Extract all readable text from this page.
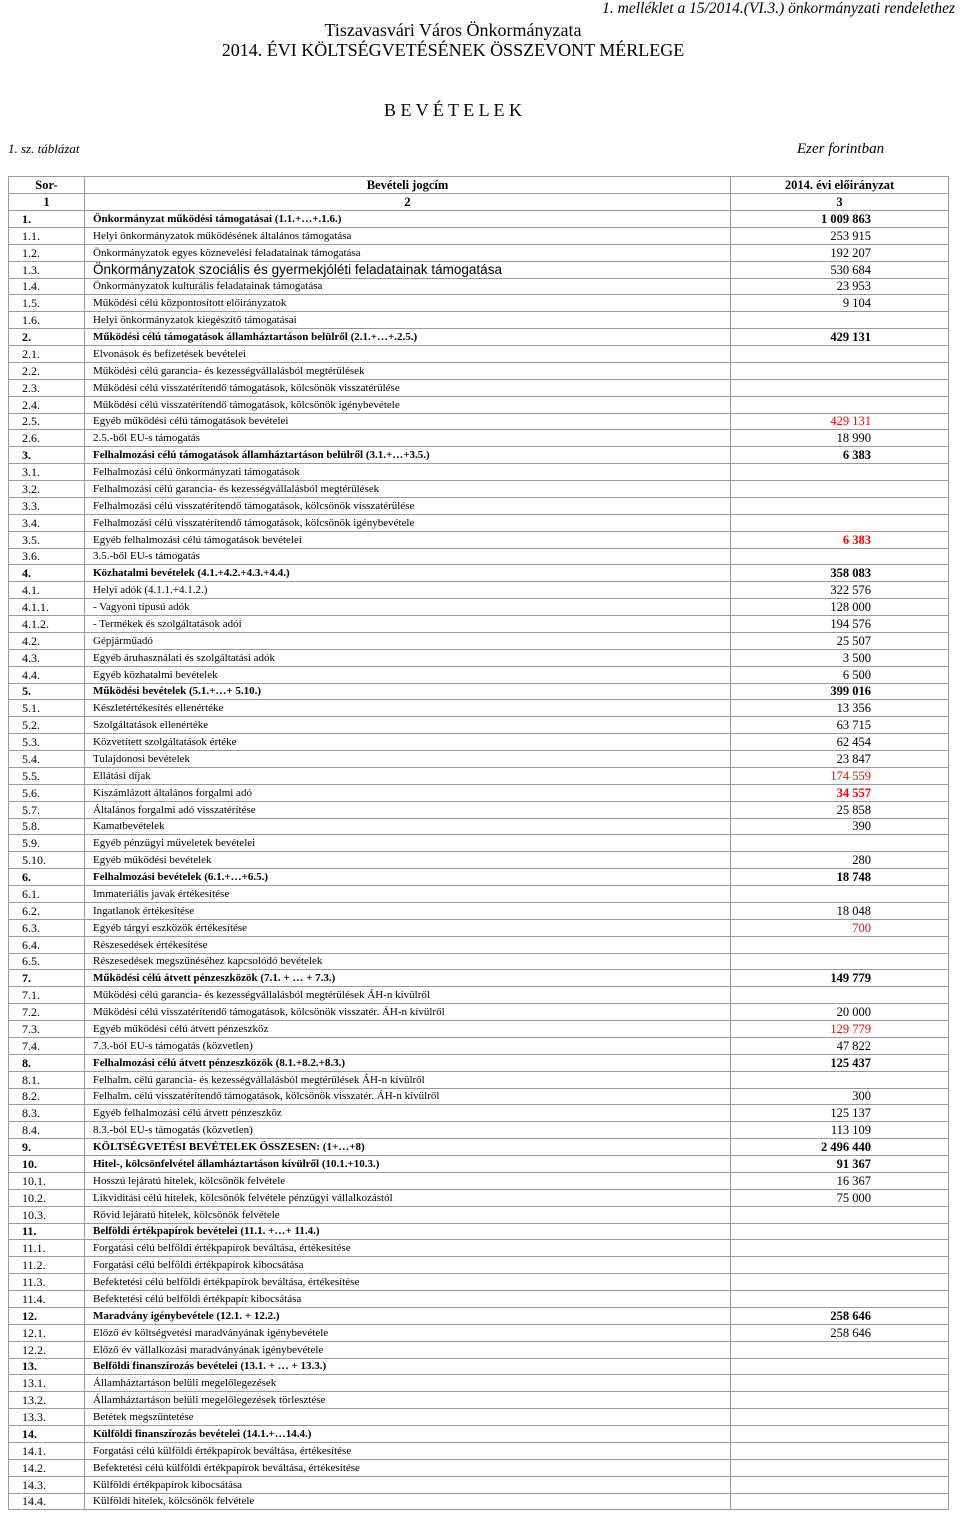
1. melléklet a 15/2014.(VI.3.) önkormányzati rendelethez
Tiszavasvári Város Önkormányzata
2014. ÉVI KÖLTSÉGVETÉSÉNEK ÖSSZEVONT MÉRLEGE
B E V É T E L E K
1. sz. táblázat	Ezer forintban
Sor-	Bevételi jogcím	2014. évi előirányzat
1	2	3
1.	Önkormányzat működési támogatásai (1.1.+…+.1.6.)	1 009 863
1.1.	Helyi önkormányzatok működésének általános támogatása	253 915
1.2.	Önkormányzatok egyes köznevelési feladatainak támogatása	192 207
1.3.	Önkormányzatok szociális és gyermekjóléti feladatainak támogatása	530 684
1.4.	Önkormányzatok kulturális feladatainak támogatása	23 953
1.5.	Működési célú központosított előirányzatok	9 104
1.6.	Helyi önkormányzatok kiegészítő támogatásai	
2.	Működési célú támogatások államháztartáson belülről (2.1.+…+.2.5.)	429 131
2.1.	Elvonások és befizetések bevételei	
2.2.	Működési célú garancia- és kezességvállalásból megtérülések	
2.3.	Működési célú visszatérítendő támogatások, kölcsönök visszatérülése	
2.4.	Működési célú visszatérítendő támogatások, kölcsönök igénybevétele	
2.5.	Egyéb működési célú támogatások bevételei	429 131
2.6.	2.5.-ből EU-s támogatás	18 990
3.	Felhalmozási célú támogatások államháztartáson belülről (3.1.+…+3.5.)	6 383
3.1.	Felhalmozási célú önkormányzati támogatások	
3.2.	Felhalmozási célú garancia- és kezességvállalásból megtérülések	
3.3.	Felhalmozási célú visszatérítendő támogatások, kölcsönök visszatérülése	
3.4.	Felhalmozási célú visszatérítendő támogatások, kölcsönök igénybevétele	
3.5.	Egyéb felhalmozási célú támogatások bevételei	6 383
3.6.	3.5.-ből EU-s támogatás	
4.	Közhatalmi bevételek (4.1.+4.2.+4.3.+4.4.)	358 083
4.1.	Helyi adók (4.1.1.+4.1.2.)	322 576
4.1.1.	- Vagyoni típusú adók	128 000
4.1.2.	- Termékek és szolgáltatások adói	194 576
4.2.	Gépjárműadó	25 507
4.3.	Egyéb áruhasználati és szolgáltatási adók	3 500
4.4.	Egyéb közhatalmi bevételek	6 500
5.	Működési bevételek (5.1.+…+ 5.10.)	399 016
5.1.	Készletértékesítés ellenértéke	13 356
5.2.	Szolgáltatások ellenértéke	63 715
5.3.	Közvetített szolgáltatások értéke	62 454
5.4.	Tulajdonosi bevételek	23 847
5.5.	Ellátási díjak	174 559
5.6.	Kiszámlázott általános forgalmi adó	34 557
5.7.	Általános forgalmi adó visszatérítése	25 858
5.8.	Kamatbevételek	390
5.9.	Egyéb pénzügyi műveletek bevételei	
5.10.	Egyéb működési bevételek	280
6.	Felhalmozási bevételek (6.1.+…+6.5.)	18 748
6.1.	Immateriális javak értékesítése	
6.2.	Ingatlanok értékesítése	18 048
6.3.	Egyéb tárgyi eszközök értékesítése	700
6.4.	Részesedések értékesítése	
6.5.	Részesedések megszűnéséhez kapcsolódó bevételek	
7.	Működési célú átvett pénzeszközök (7.1. + … + 7.3.)	149 779
7.1.	Működési célú garancia- és kezességvállalásból megtérülések ÁH-n kívülről	
7.2.	Működési célú visszatérítendő támogatások, kölcsönök visszatér. ÁH-n kívülről	20 000
7.3.	Egyéb működési célú átvett pénzeszköz	129 779
7.4.	7.3.-ból EU-s támogatás (közvetlen)	47 822
8.	Felhalmozási célú átvett pénzeszközök (8.1.+8.2.+8.3.)	125 437
8.1.	Felhalm. célú garancia- és kezességvállalásból megtérülések ÁH-n kívülről	
8.2.	Felhalm. célú visszatérítendő támogatások, kölcsönök visszatér. ÁH-n kívülről	300
8.3.	Egyéb felhalmozási célú átvett pénzeszköz	125 137
8.4.	8.3.-ból EU-s támogatás (közvetlen)	113 109
9.	KÖLTSÉGVETÉSI BEVÉTELEK ÖSSZESEN: (1+…+8)	2 496 440
10.	Hitel-, kölcsönfelvétel államháztartáson kívülről (10.1.+10.3.)	91 367
10.1.	Hosszú lejáratú hitelek, kölcsönök felvétele	16 367
10.2.	Likviditási célú hitelek, kölcsönök felvétele pénzügyi vállalkozástól	75 000
10.3.	Rövid lejáratú hitelek, kölcsönök felvétele	
11.	Belföldi értékpapírok bevételei (11.1. +…+ 11.4.)	
11.1.	Forgatási célú belföldi értékpapírok beváltása, értékesítése	
11.2.	Forgatási célú belföldi értékpapírok kibocsátása	
11.3.	Befektetési célú belföldi értékpapírok beváltása, értékesítése	
11.4.	Befektetési célú belföldi értékpapír kibocsátása	
12.	Maradvány igénybevétele (12.1. + 12.2.)	258 646
12.1.	Előző év költségvetési maradványának igénybevétele	258 646
12.2.	Előző év vállalkozási maradványának igénybevétele	
13.	Belföldi finanszírozás bevételei (13.1. + … + 13.3.)	
13.1.	Államháztartáson belüli megelőlegezések	
13.2.	Államháztartáson belüli megelőlegezések törlesztése	
13.3.	Betétek megszüntetése	
14.	Külföldi finanszírozás bevételei (14.1.+…14.4.)	
14.1.	Forgatási célú külföldi értékpapírok beváltása, értékesítése	
14.2.	Befektetési célú külföldi értékpapírok beváltása, értékesítése	
14.3.	Külföldi értékpapírok kibocsátása	
14.4.	Külföldi hitelek, kölcsönök felvétele	
